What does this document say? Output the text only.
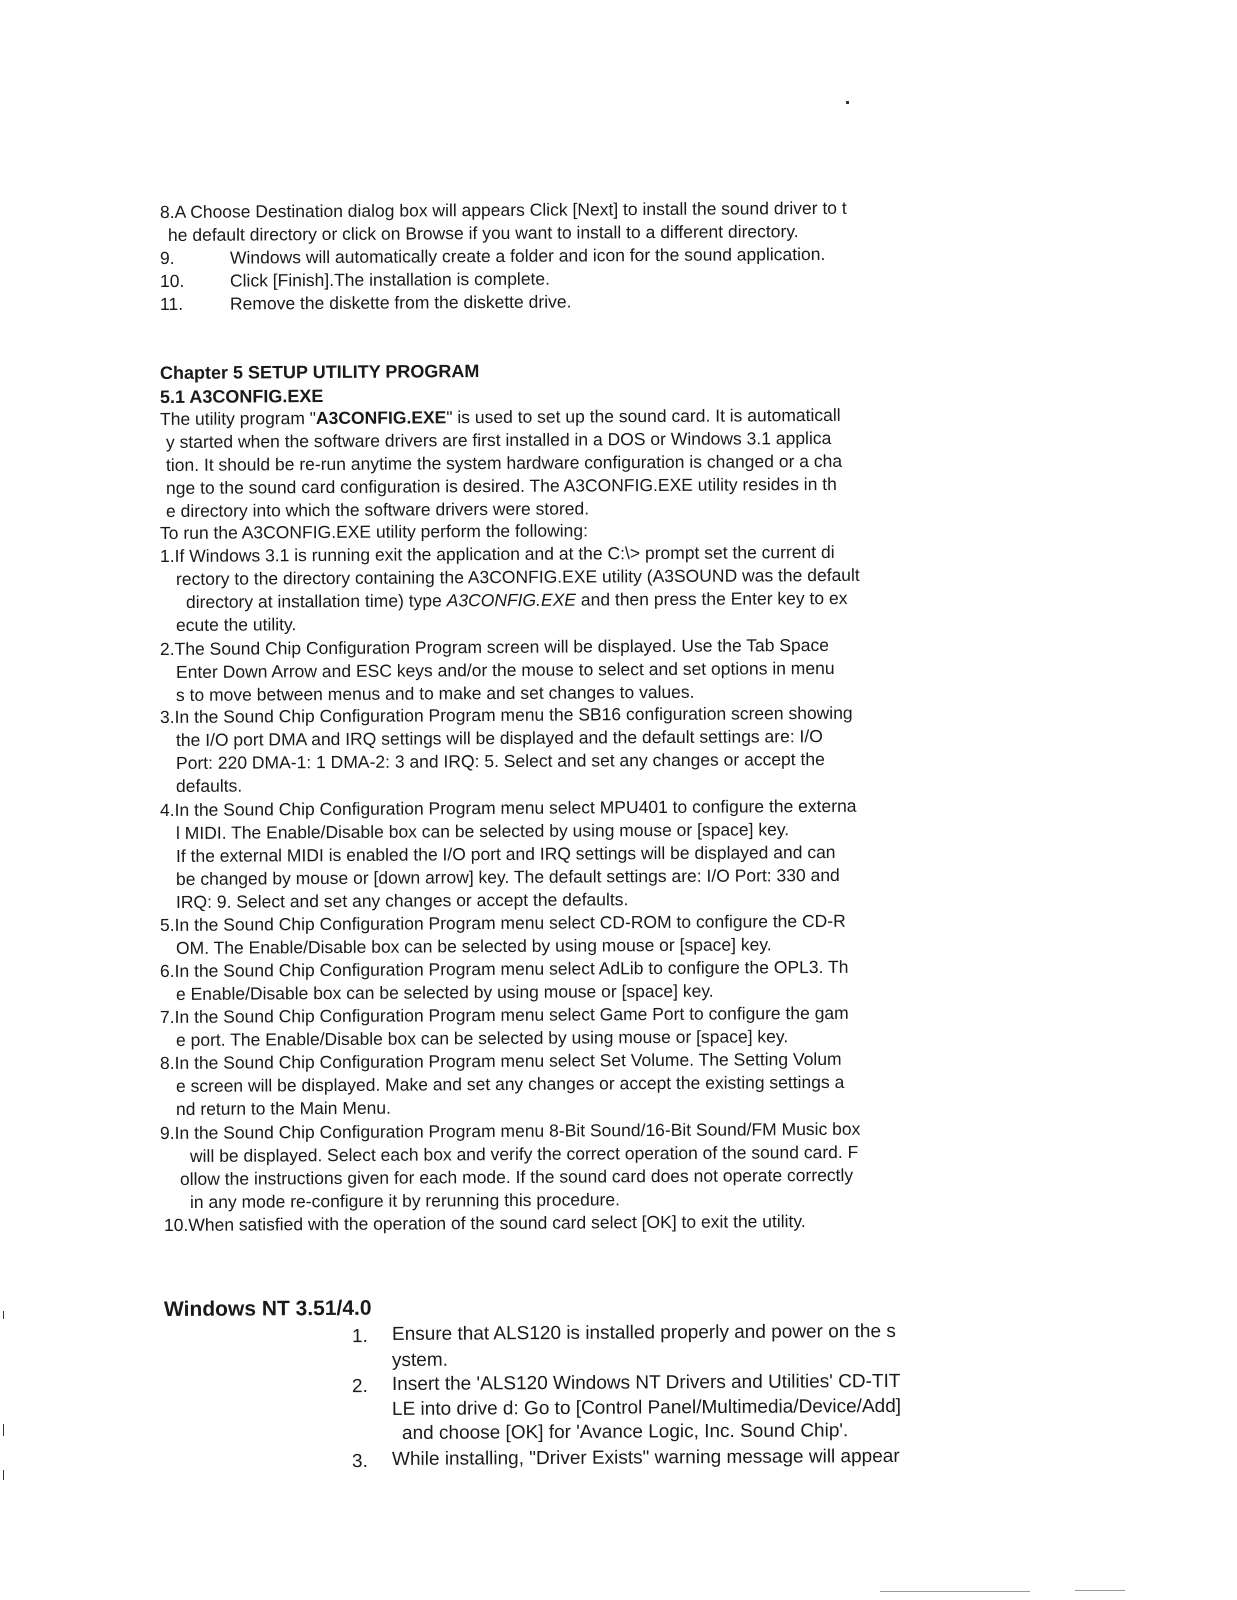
8.A Choose Destination dialog box will appears Click [Next] to install the sound driver to t
he default directory or click on Browse if you want to install to a different directory.
9.	Windows will automatically create a folder and icon for the sound application.
10.	Click [Finish].The installation is complete.
11.	Remove the diskette from the diskette drive.
Chapter 5 SETUP UTILITY PROGRAM
5.1 A3CONFIG.EXE
The utility program "A3CONFIG.EXE" is used to set up the sound card. It is automaticall
y started when the software drivers are first installed in a DOS or Windows 3.1 applica
tion. It should be re-run anytime the system hardware configuration is changed or a cha
nge to the sound card configuration is desired. The A3CONFIG.EXE utility resides in th
e directory into which the software drivers were stored.
To run the A3CONFIG.EXE utility perform the following:
1.If Windows 3.1 is running exit the application and at the C:\> prompt set the current di
rectory to the directory containing the A3CONFIG.EXE utility (A3SOUND was the default
directory at installation time) type A3CONFIG.EXE and then press the Enter key to ex
ecute the utility.
2.The Sound Chip Configuration Program screen will be displayed. Use the Tab Space
Enter Down Arrow and ESC keys and/or the mouse to select and set options in menu
s to move between menus and to make and set changes to values.
3.In the Sound Chip Configuration Program menu the SB16 configuration screen showing
the I/O port DMA and IRQ settings will be displayed and the default settings are: I/O
Port: 220 DMA-1: 1 DMA-2: 3 and IRQ: 5. Select and set any changes or accept the
defaults.
4.In the Sound Chip Configuration Program menu select MPU401 to configure the externa
l MIDI. The Enable/Disable box can be selected by using mouse or [space] key.
If the external MIDI is enabled the I/O port and IRQ settings will be displayed and can
be changed by mouse or [down arrow] key. The default settings are: I/O Port: 330 and
IRQ: 9. Select and set any changes or accept the defaults.
5.In the Sound Chip Configuration Program menu select CD-ROM to configure the CD-R
OM. The Enable/Disable box can be selected by using mouse or [space] key.
6.In the Sound Chip Configuration Program menu select AdLib to configure the OPL3. Th
e Enable/Disable box can be selected by using mouse or [space] key.
7.In the Sound Chip Configuration Program menu select Game Port to configure the gam
e port. The Enable/Disable box can be selected by using mouse or [space] key.
8.In the Sound Chip Configuration Program menu select Set Volume. The Setting Volum
e screen will be displayed. Make and set any changes or accept the existing settings a
nd return to the Main Menu.
9.In the Sound Chip Configuration Program menu 8-Bit Sound/16-Bit Sound/FM Music box
will be displayed. Select each box and verify the correct operation of the sound card. F
ollow the instructions given for each mode. If the sound card does not operate correctly
in any mode re-configure it by rerunning this procedure.
10.When satisfied with the operation of the sound card select [OK] to exit the utility.
Windows NT 3.51/4.0
1.	Ensure that ALS120 is installed properly and power on the s
ystem.
2.	Insert the 'ALS120 Windows NT Drivers and Utilities' CD-TIT
LE into drive d: Go to [Control Panel/Multimedia/Device/Add]
and choose [OK] for 'Avance Logic, Inc. Sound Chip'.
3.	While installing, "Driver Exists" warning message will appear
